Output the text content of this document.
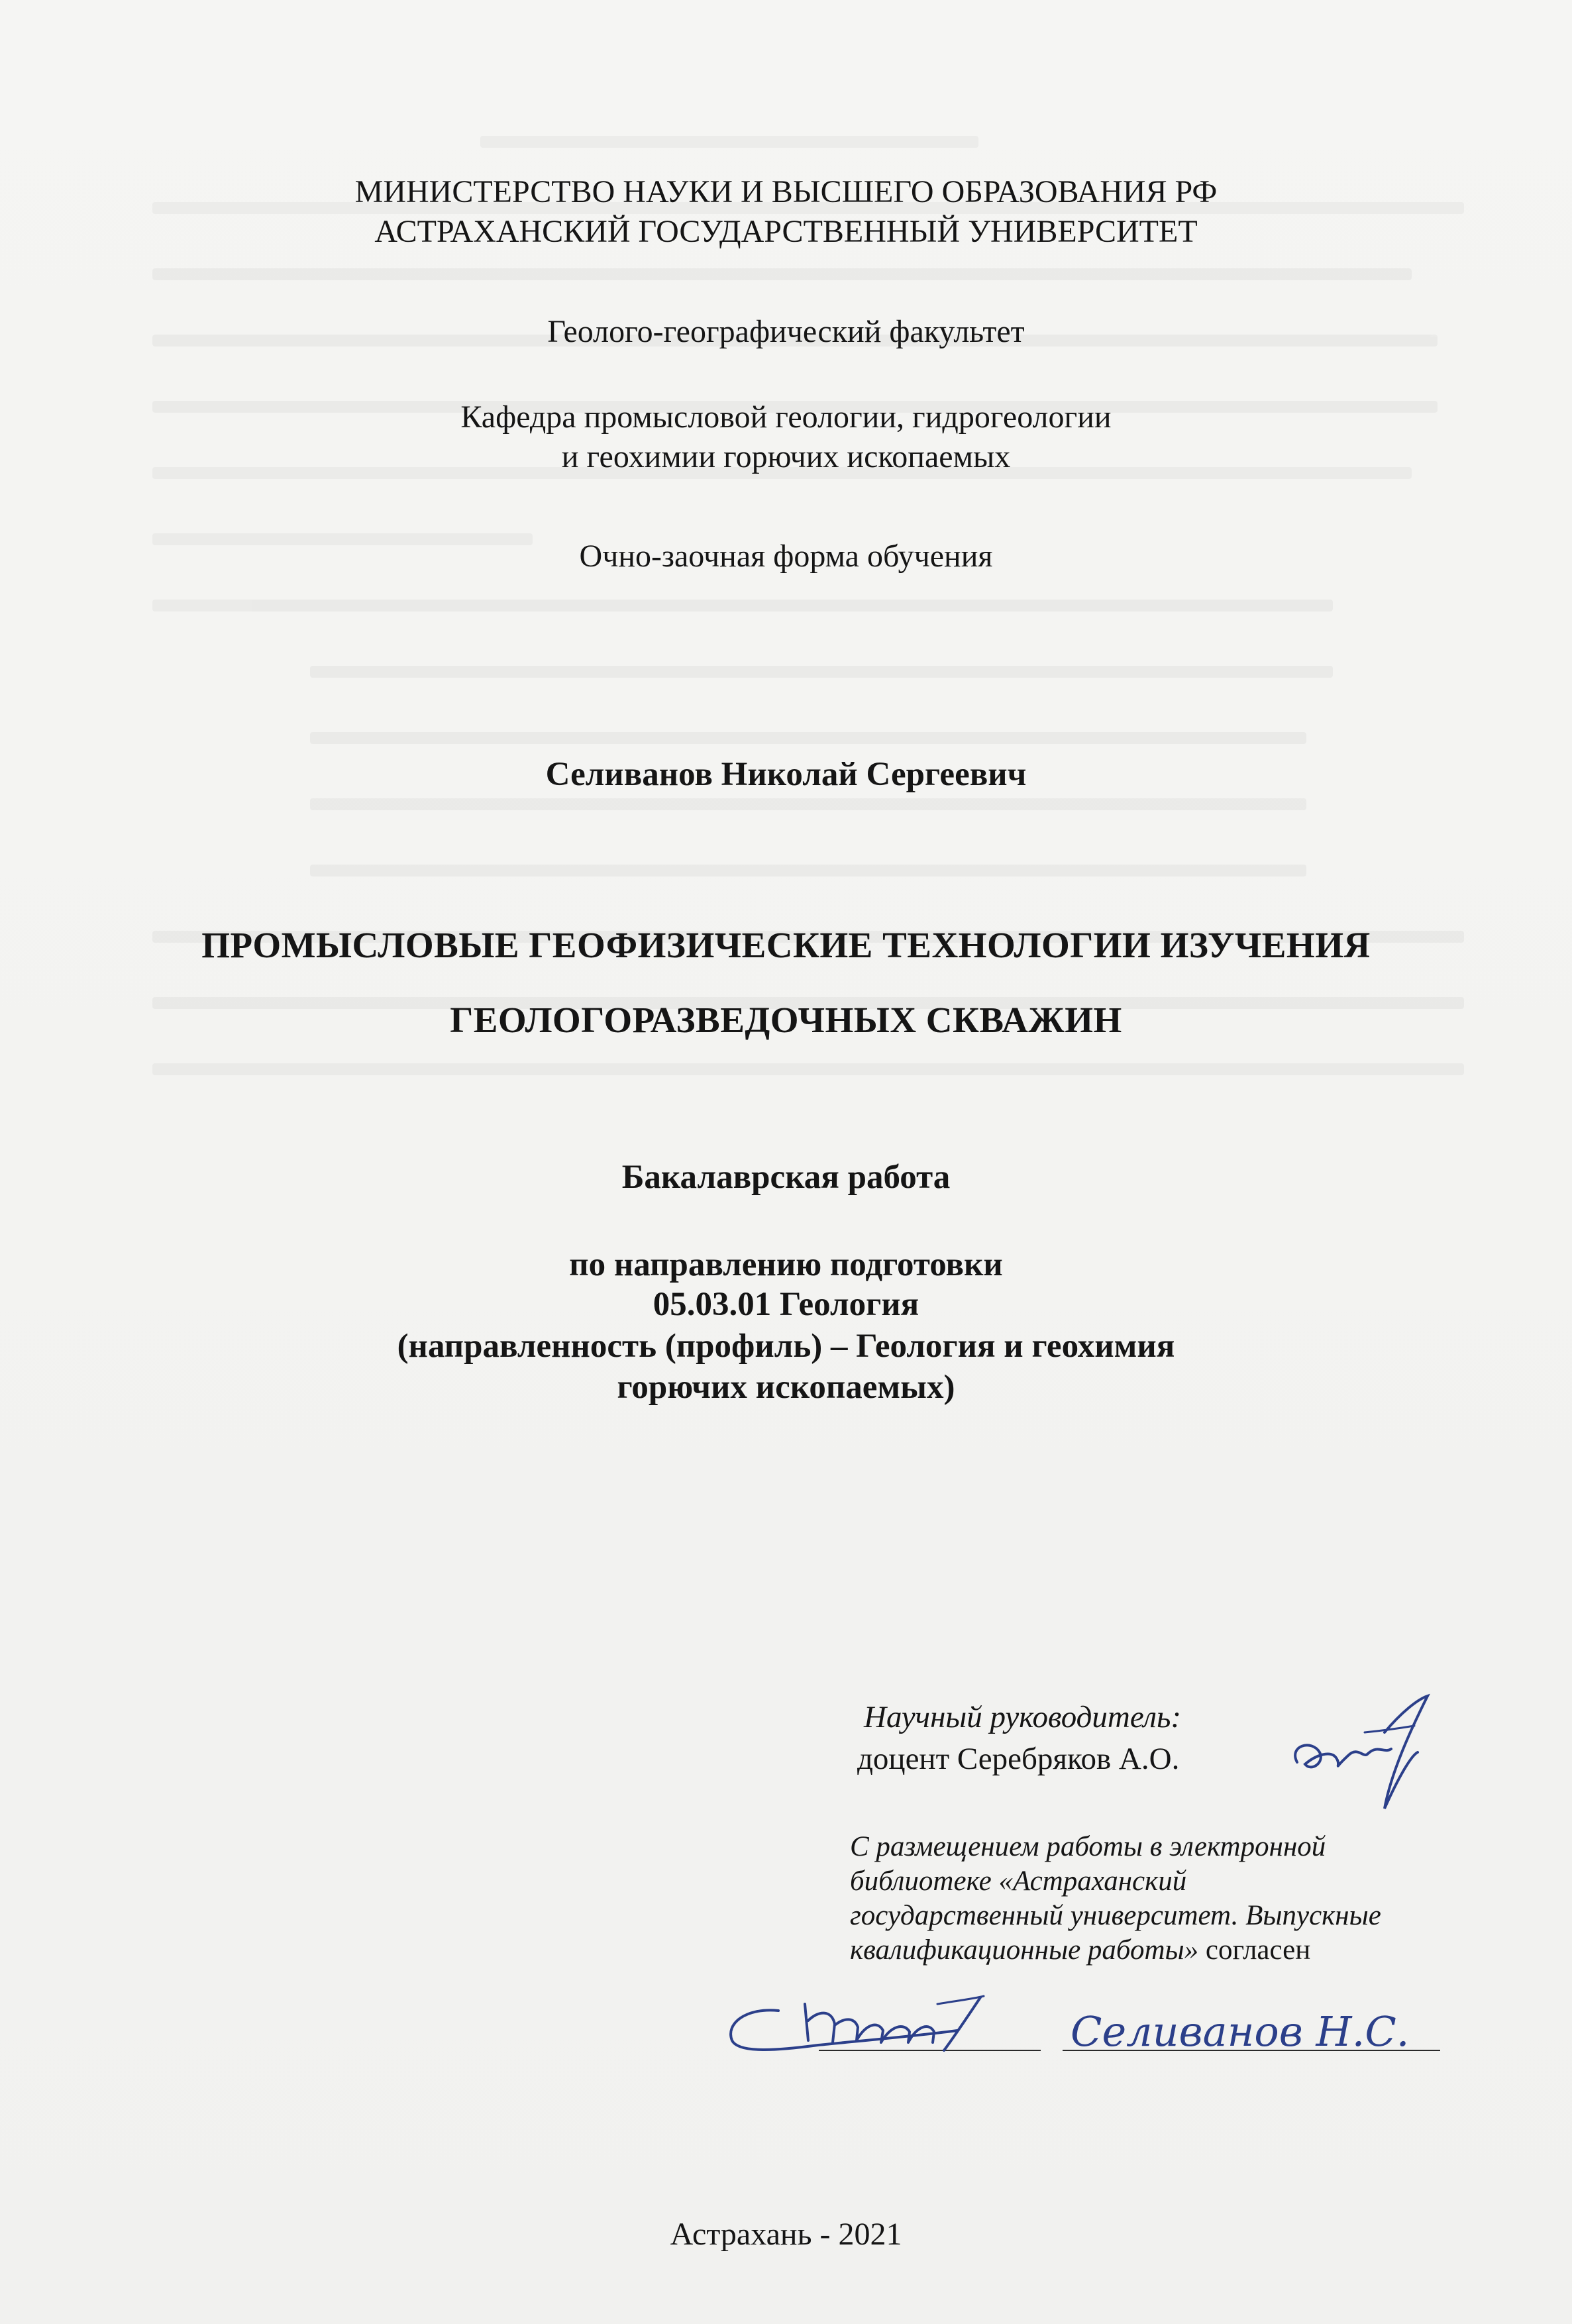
МИНИСТЕРСТВО НАУКИ И ВЫСШЕГО ОБРАЗОВАНИЯ РФ
АСТРАХАНСКИЙ ГОСУДАРСТВЕННЫЙ УНИВЕРСИТЕТ
Геолого-географический факультет
Кафедра промысловой геологии, гидрогеологии
и геохимии горючих ископаемых
Очно-заочная форма обучения
Селиванов Николай Сергеевич
ПРОМЫСЛОВЫЕ ГЕОФИЗИЧЕСКИЕ ТЕХНОЛОГИИ ИЗУЧЕНИЯ
ГЕОЛОГОРАЗВЕДОЧНЫХ СКВАЖИН
Бакалаврская работа
по направлению подготовки
05.03.01 Геология
(направленность (профиль) – Геология и геохимия
горючих ископаемых)
Научный руководитель:
доцент Серебряков А.О.
С размещением работы в электронной
библиотеке «Астраханский
государственный университет. Выпускные
квалификационные работы» согласен
Селиванов Н.С.
Астрахань - 2021
